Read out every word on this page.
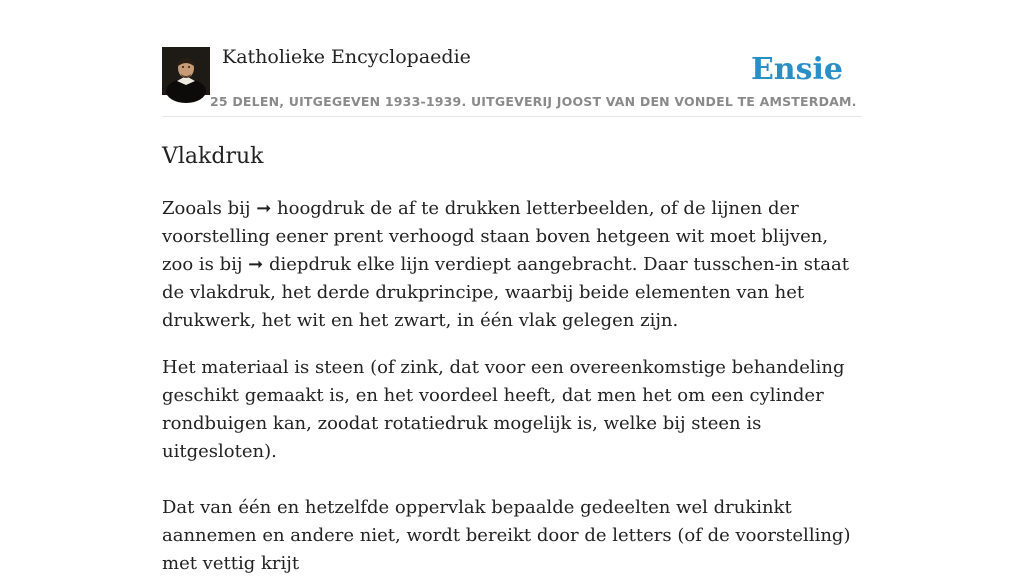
Katholieke Encyclopaedie	Ensie
25 DELEN, UITGEGEVEN 1933-1939. UITGEVERIJ JOOST VAN DEN VONDEL TE AMSTERDAM.
Vlakdruk

Zooals bij ➞ hoogdruk de af te drukken letterbeelden, of de lijnen der voorstelling eener prent verhoogd staan boven hetgeen wit moet blijven, zoo is bij ➞ diepdruk elke lijn verdiept aangebracht. Daar tusschen-in staat de vlakdruk, het derde drukprincipe, waarbij beide elementen van het drukwerk, het wit en het zwart, in één vlak gelegen zijn.

Het materiaal is steen (of zink, dat voor een overeenkomstige behandeling geschikt gemaakt is, en het voordeel heeft, dat men het om een cylinder rondbuigen kan, zoodat rotatiedruk mogelijk is, welke bij steen is uitgesloten).

Dat van één en hetzelfde oppervlak bepaalde gedeelten wel drukinkt aannemen en andere niet, wordt bereikt door de letters (of de voorstelling) met vettig krijt
